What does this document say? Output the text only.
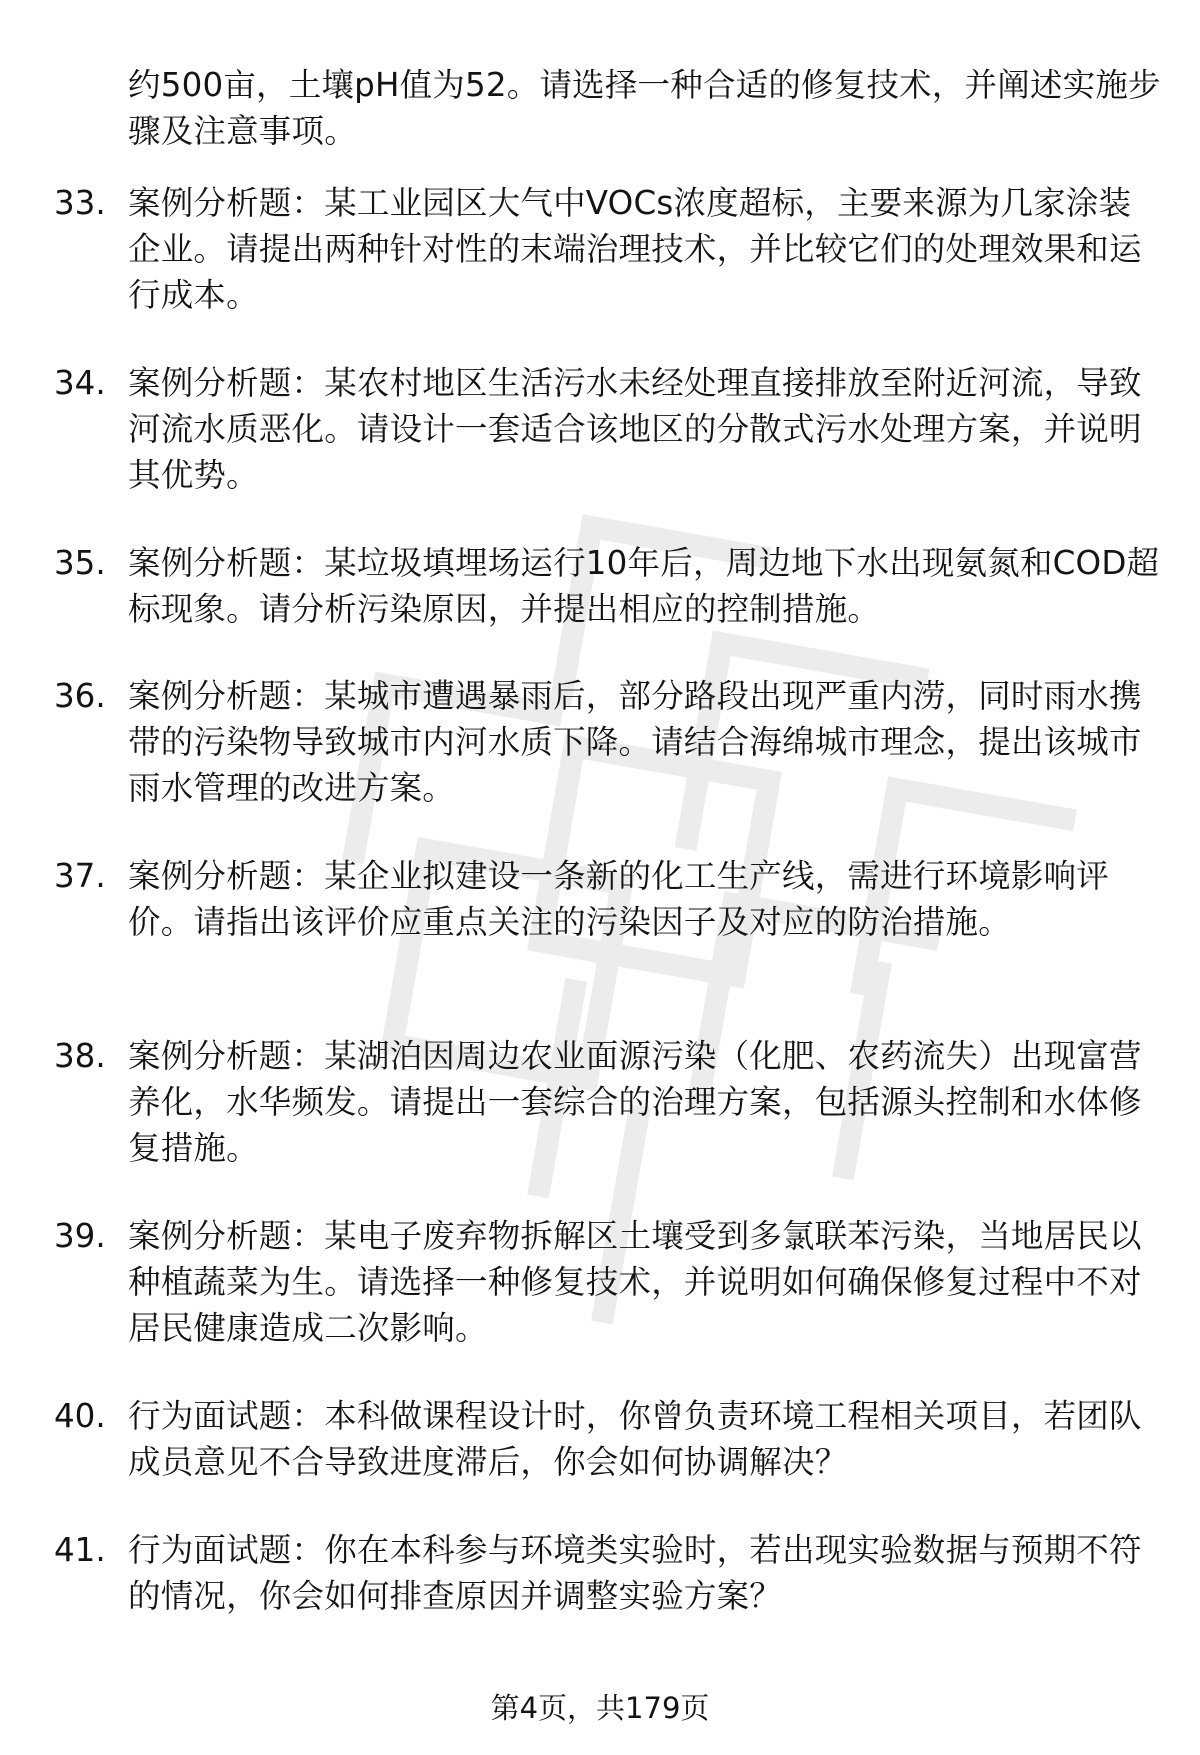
约500亩，土壤pH值为52。请选择一种合适的修复技术，并阐述实施步骤及注意事项。

33. 案例分析题：某工业园区大气中VOCs浓度超标，主要来源为几家涂装企业。请提出两种针对性的末端治理技术，并比较它们的处理效果和运行成本。
34. 案例分析题：某农村地区生活污水未经处理直接排放至附近河流，导致河流水质恶化。请设计一套适合该地区的分散式污水处理方案，并说明其优势。
35. 案例分析题：某垃圾填埋场运行10年后，周边地下水出现氨氮和COD超标现象。请分析污染原因，并提出相应的控制措施。
36. 案例分析题：某城市遭遇暴雨后，部分路段出现严重内涝，同时雨水携带的污染物导致城市内河水质下降。请结合海绵城市理念，提出该城市雨水管理的改进方案。
37. 案例分析题：某企业拟建设一条新的化工生产线，需进行环境影响评价。请指出该评价应重点关注的污染因子及对应的防治措施。
38. 案例分析题：某湖泊因周边农业面源污染（化肥、农药流失）出现富营养化，水华频发。请提出一套综合的治理方案，包括源头控制和水体修复措施。
39. 案例分析题：某电子废弃物拆解区土壤受到多氯联苯污染，当地居民以种植蔬菜为生。请选择一种修复技术，并说明如何确保修复过程中不对居民健康造成二次影响。
40. 行为面试题：本科做课程设计时，你曾负责环境工程相关项目，若团队成员意见不合导致进度滞后，你会如何协调解决？
41. 行为面试题：你在本科参与环境类实验时，若出现实验数据与预期不符的情况，你会如何排查原因并调整实验方案？
第4页，共179页
